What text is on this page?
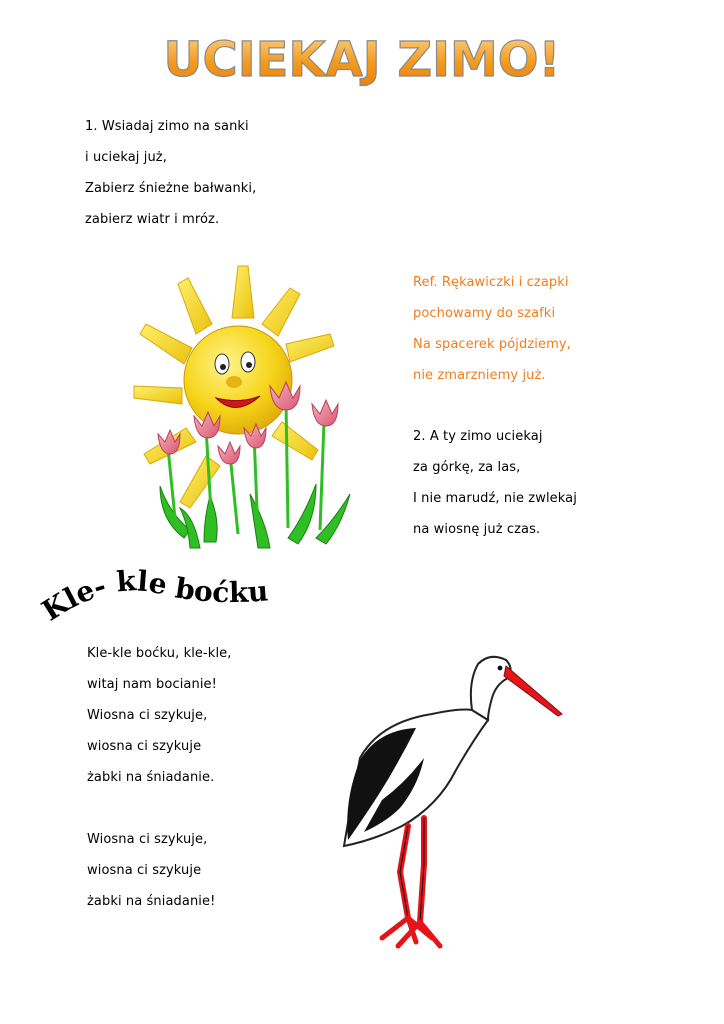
UCIEKAJ ZIMO!
1. Wsiadaj zimo na sanki
i uciekaj już,
Zabierz śnieżne bałwanki,
zabierz wiatr i mróz.
Ref. Rękawiczki i czapki
pochowamy do szafki
Na spacerek pójdziemy,
nie zmarzniemy już.
2. A ty zimo uciekaj
za górkę, za las,
I nie marudź, nie zwlekaj
na wiosnę już czas.
Kle- kle boćku
Kle-kle boćku, kle-kle,
witaj nam bocianie!
Wiosna ci szykuje,
wiosna ci szykuje
żabki na śniadanie.
Wiosna ci szykuje,
wiosna ci szykuje
żabki na śniadanie!
